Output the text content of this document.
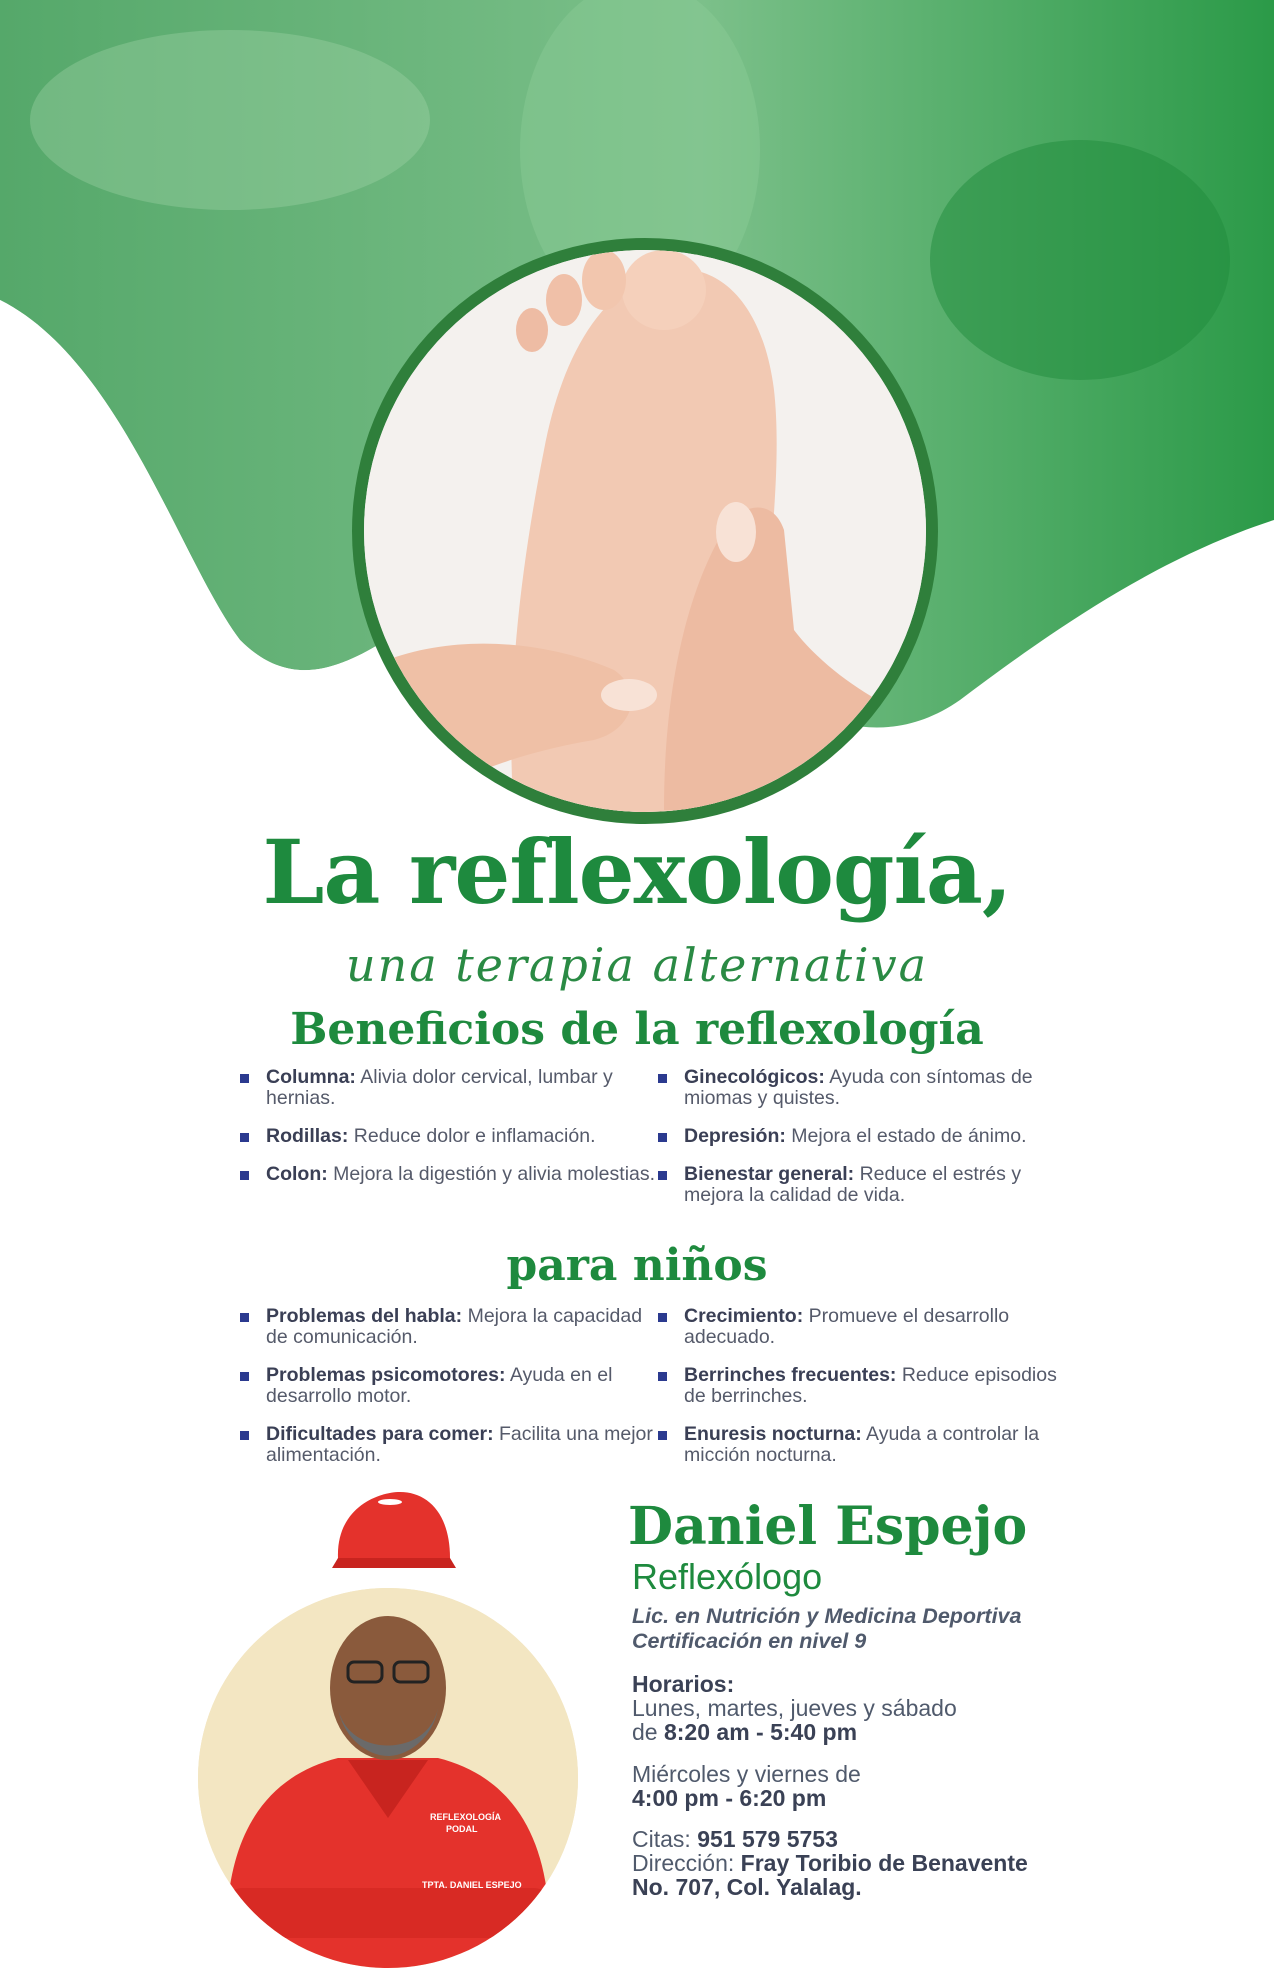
La reflexología,
una terapia alternativa
Beneficios de la reflexología
Columna: Alivia dolor cervical, lumbar y hernias.
Rodillas: Reduce dolor e inflamación.
Colon: Mejora la digestión y alivia molestias.
Ginecológicos: Ayuda con síntomas de miomas y quistes.
Depresión: Mejora el estado de ánimo.
Bienestar general: Reduce el estrés y mejora la calidad de vida.
para niños
Problemas del habla: Mejora la capacidad de comunicación.
Problemas psicomotores: Ayuda en el desarrollo motor.
Dificultades para comer: Facilita una mejor alimentación.
Crecimiento: Promueve el desarrollo adecuado.
Berrinches frecuentes: Reduce episodios de berrinches.
Enuresis nocturna: Ayuda a controlar la micción nocturna.
REFLEXOLOGÍA
PODAL
TPTA. DANIEL ESPEJO
Daniel Espejo
Reflexólogo
Lic. en Nutrición y Medicina Deportiva
Certificación en nivel 9
Horarios:
Lunes, martes, jueves y sábado
de 8:20 am - 5:40 pm
Miércoles y viernes de
4:00 pm - 6:20 pm
Citas: 951 579 5753
Dirección: Fray Toribio de Benavente
No. 707, Col. Yalalag.
